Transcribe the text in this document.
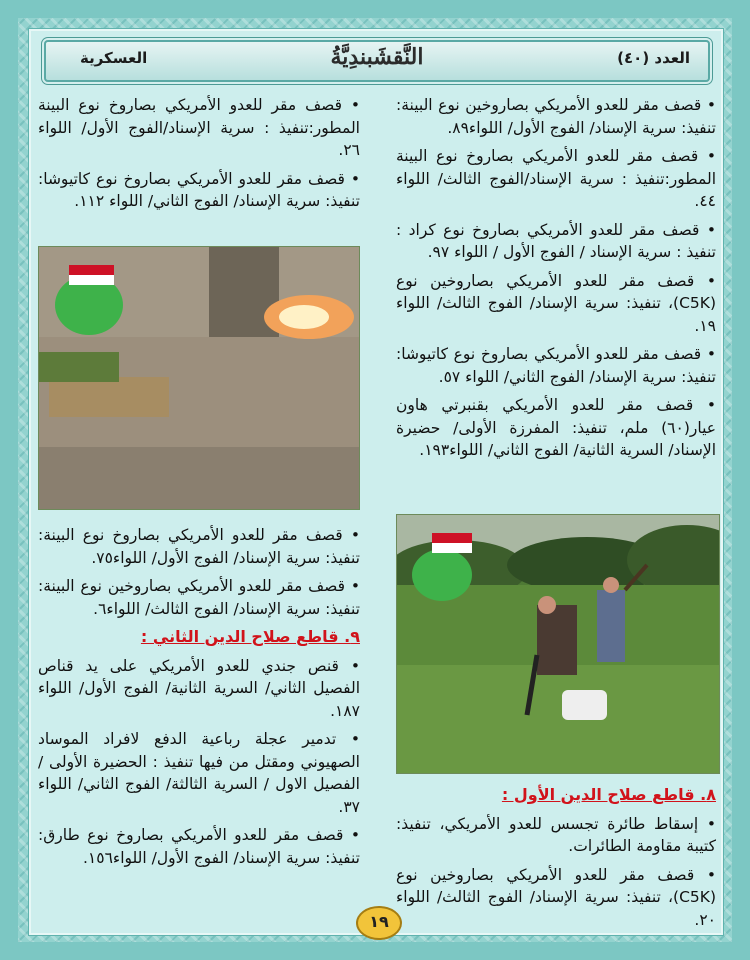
العدد (٤٠)
النَّقشَبندِيَّةُ
العسكرية

• قصف مقر للعدو الأمريكي بصاروخين نوع البينة: تنفيذ: سرية الإسناد/ الفوج الأول/ اللواء٨٩.

• قصف مقر للعدو الأمريكي بصاروخ نوع البينة المطور:تنفيذ : سرية الإسناد/الفوج الثالث/ اللواء ٤٤.

• قصف مقر للعدو الأمريكي بصاروخ نوع كراد : تنفيذ : سرية الإسناد / الفوج الأول / اللواء ٩٧.

• قصف مقر للعدو الأمريكي بصاروخين نوع (C5K)، تنفيذ: سرية الإسناد/ الفوج الثالث/ اللواء ١٩.

• قصف مقر للعدو الأمريكي بصاروخ نوع كاتيوشا: تنفيذ: سرية الإسناد/ الفوج الثاني/ اللواء ٥٧.

• قصف مقر للعدو الأمريكي بقنبرتي هاون عيار(٦٠) ملم، تنفيذ: المفرزة الأولى/ حضيرة الإسناد/ السرية الثانية/ الفوج الثاني/ اللواء١٩٣.

٨. قاطع صلاح الدين الأول :

• إسقاط طائرة تجسس للعدو الأمريكي، تنفيذ: كتيبة مقاومة الطائرات.

• قصف مقر للعدو الأمريكي بصاروخين نوع (C5K)، تنفيذ: سرية الإسناد/ الفوج الثالث/ اللواء ٢٠.

• قصف مقر للعدو الأمريكي بصاروخ نوع البينة المطور:تنفيذ : سرية الإسناد/الفوج الأول/ اللواء ٢٦.

• قصف مقر للعدو الأمريكي بصاروخ نوع كاتيوشا: تنفيذ: سرية الإسناد/ الفوج الثاني/ اللواء ١١٢.

• قصف مقر للعدو الأمريكي بصاروخ نوع البينة: تنفيذ: سرية الإسناد/ الفوج الأول/ اللواء٧٥.

• قصف مقر للعدو الأمريكي بصاروخين نوع البينة: تنفيذ: سرية الإسناد/ الفوج الثالث/ اللواء٦.

٩. قاطع صلاح الدين الثاني :

• قنص جندي للعدو الأمريكي على يد قناص الفصيل الثاني/ السرية الثانية/ الفوج الأول/ اللواء ١٨٧.

• تدمير عجلة رباعية الدفع لافراد الموساد الصهيوني ومقتل من فيها تنفيذ : الحضيرة الأولى / الفصيل الاول / السرية الثالثة/ الفوج الثاني/ اللواء ٣٧.

• قصف مقر للعدو الأمريكي بصاروخ نوع طارق: تنفيذ: سرية الإسناد/ الفوج الأول/ اللواء١٥٦.

١٩
